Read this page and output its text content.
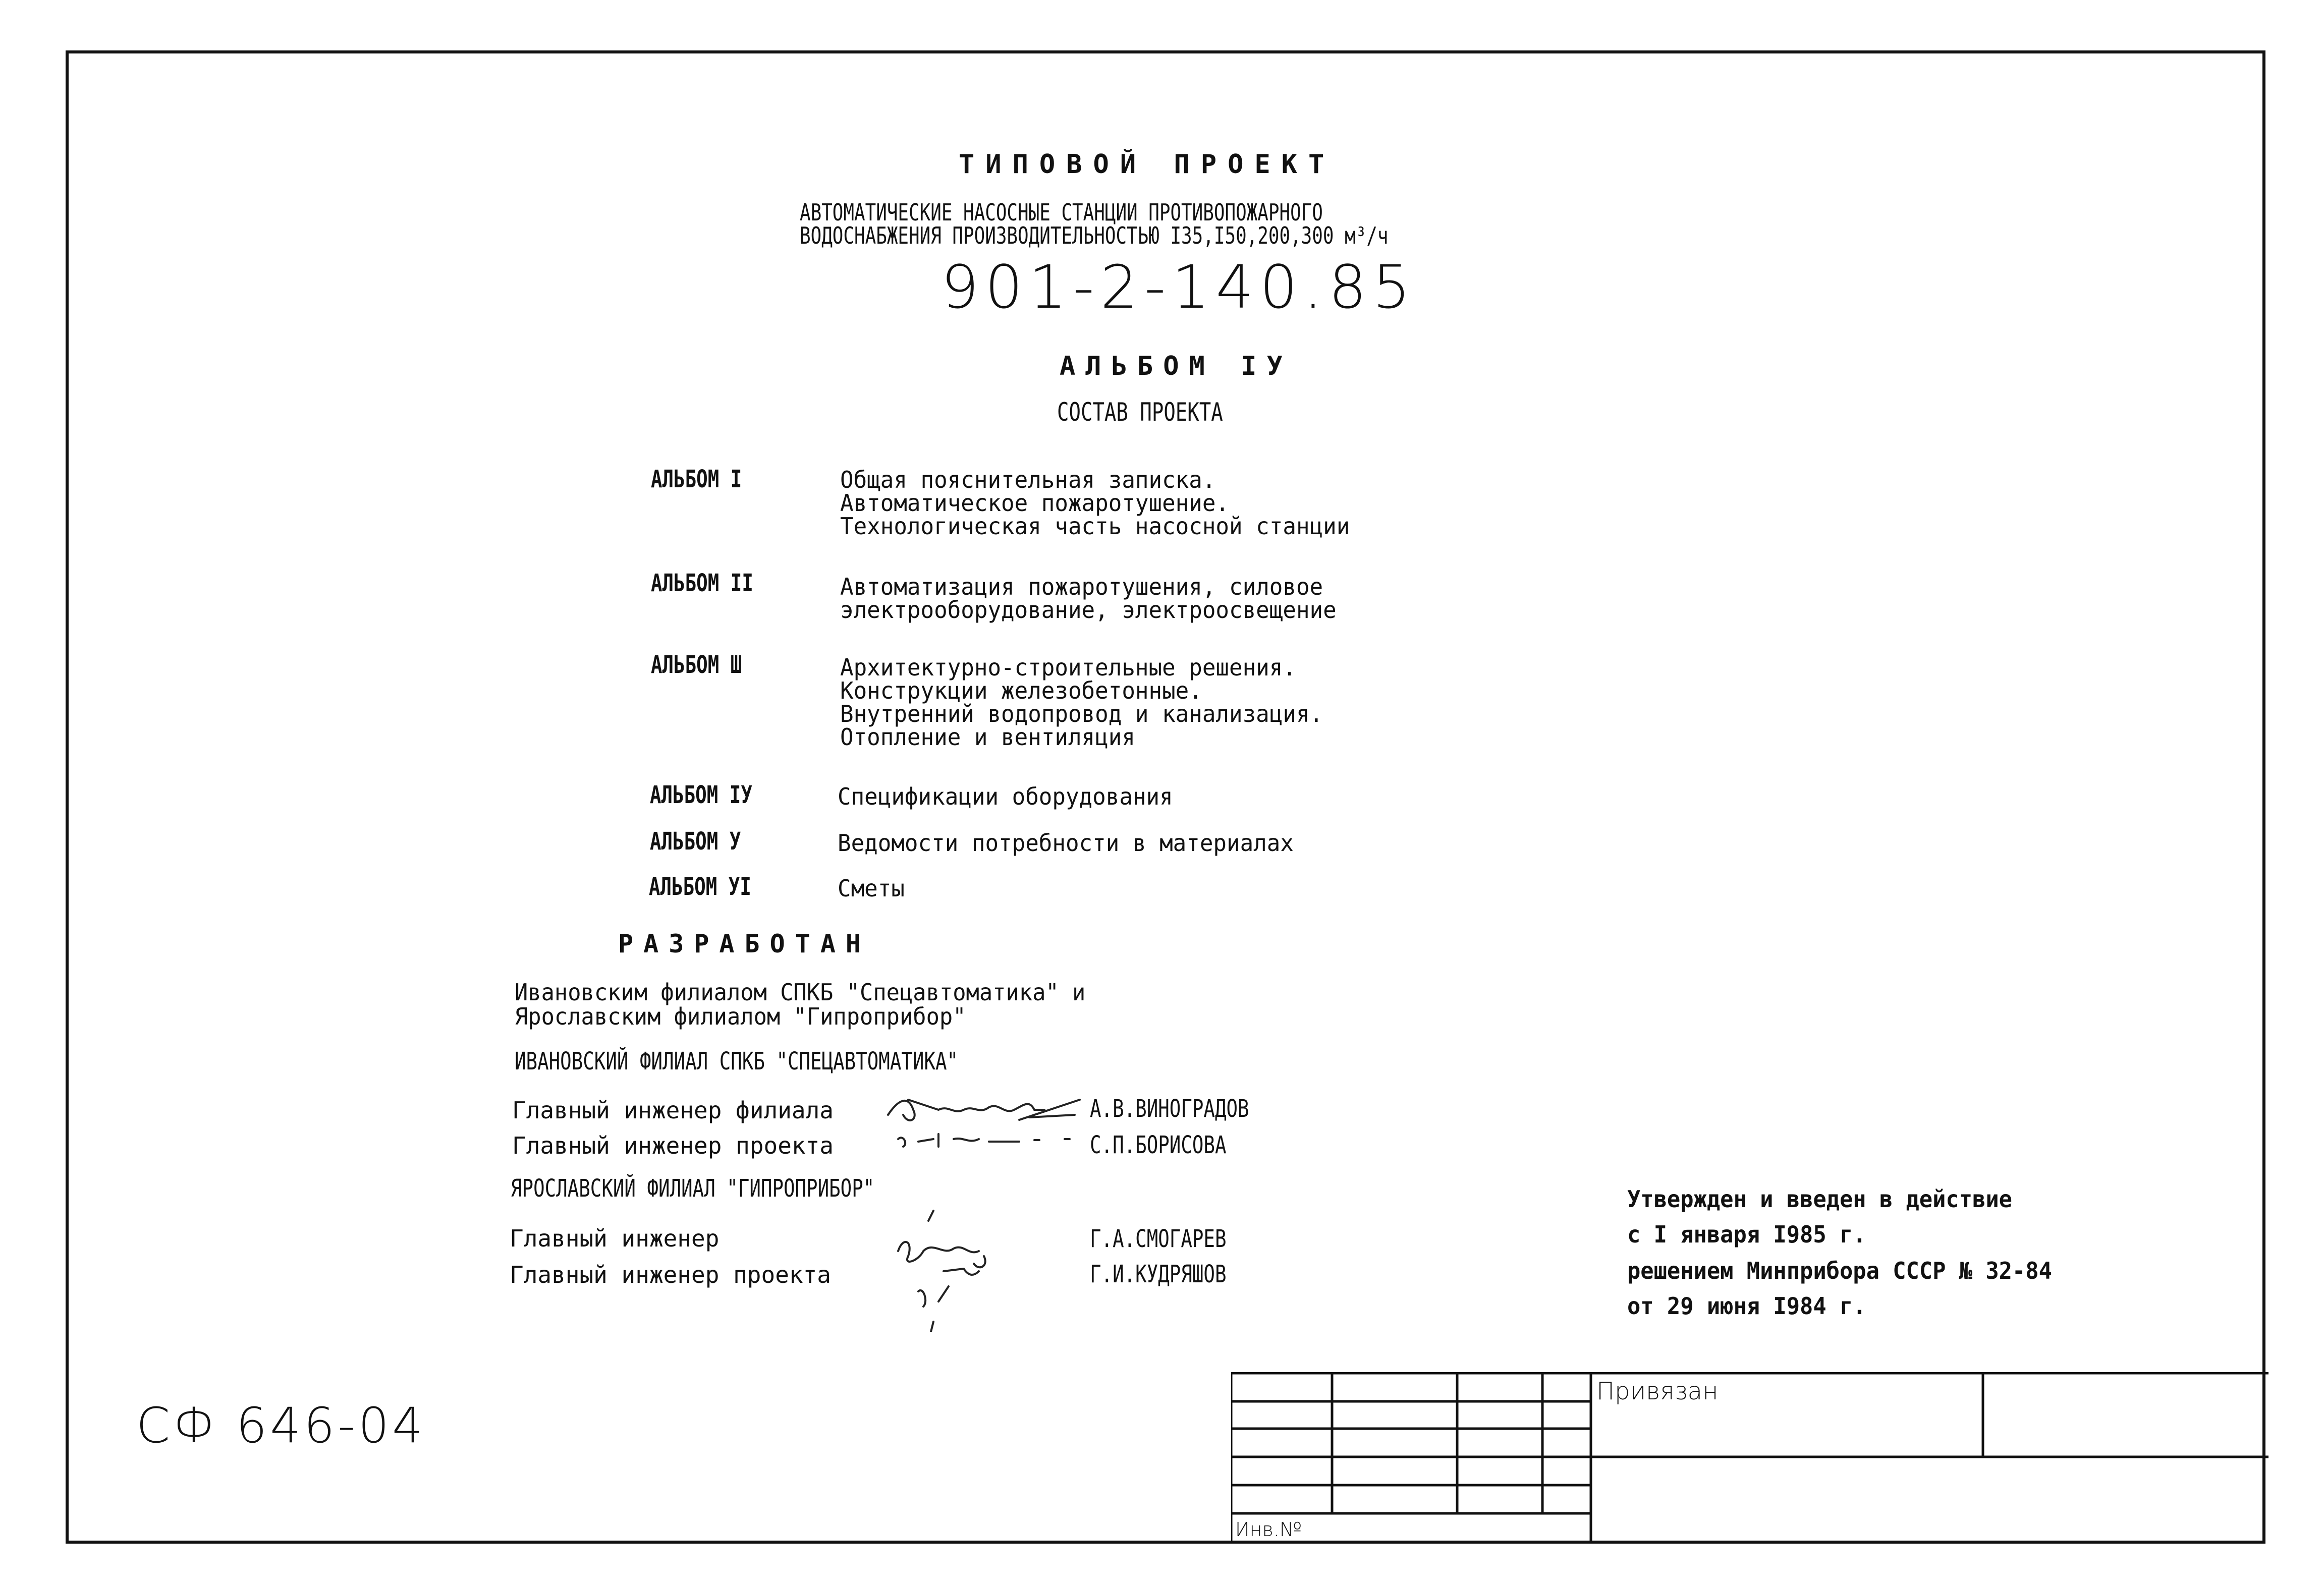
ТИПОВОЙ ПРОЕКТ
АВТОМАТИЧЕСКИЕ НАСОСНЫЕ СТАНЦИИ ПРОТИВОПОЖАРНОГО
ВОДОСНАБЖЕНИЯ ПРОИЗВОДИТЕЛЬНОСТЬЮ I35,I50,200,300 м³/ч
901-2-140.85
АЛЬБОМ IУ
СОСТАВ ПРОЕКТА
АЛЬБОМ I	Общая пояснительная записка.
Автоматическое пожаротушение.
Технологическая часть насосной станции
АЛЬБОМ II	Автоматизация пожаротушения, силовое
электрооборудование, электроосвещение
АЛЬБОМ Ш	Архитектурно-строительные решения.
Конструкции железобетонные.
Внутренний водопровод и канализация.
Отопление и вентиляция
АЛЬБОМ IУ	Спецификации оборудования
АЛЬБОМ У	Ведомости потребности в материалах
АЛЬБОМ УI	Сметы
РАЗРАБОТАН
Ивановским филиалом СПКБ "Спецавтоматика" и
Ярославским филиалом "Гипроприбор"
ИВАНОВСКИЙ ФИЛИАЛ СПКБ "СПЕЦАВТОМАТИКА"
Главный инженер филиала	А.В.ВИНОГРАДОВ
Главный инженер проекта	С.П.БОРИСОВА
ЯРОСЛАВСКИЙ ФИЛИАЛ "ГИПРОПРИБОР"
Главный инженер	Г.А.СМОГАРЕВ
Главный инженер проекта	Г.И.КУДРЯШОВ
Утвержден и введен в действие
с I января I985 г.
решением Минприбора СССР № 32-84
от 29 июня I984 г.
СФ 646-04
Привязан
Инв.№
